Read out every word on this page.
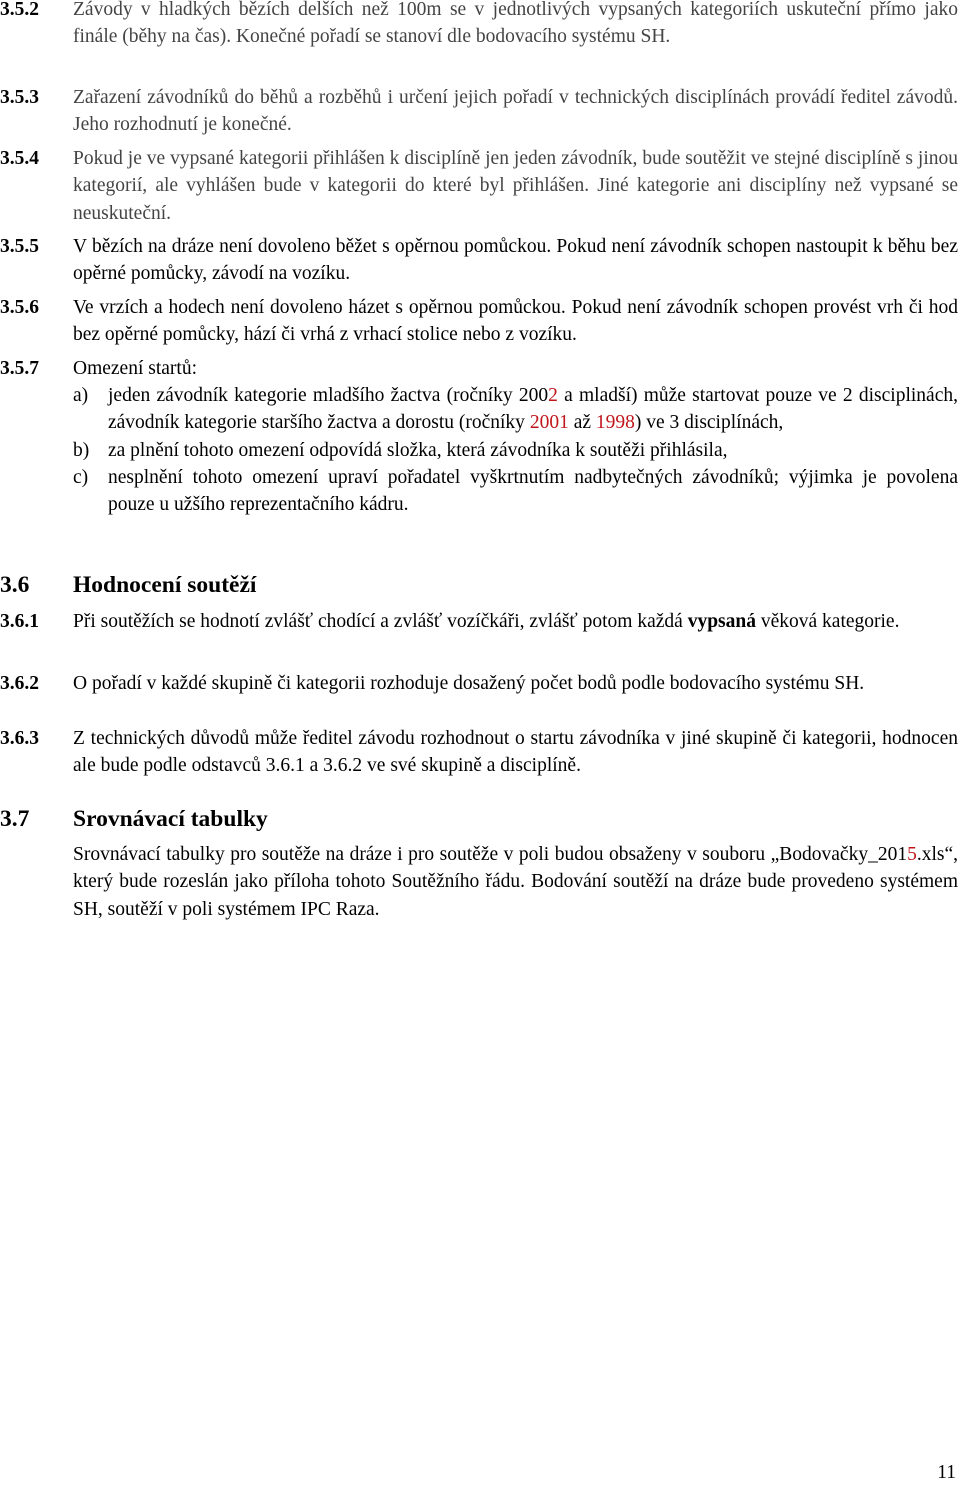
3.5.2 Závody v hladkých bězích delších než 100m se v jednotlivých vypsaných kategoriích uskuteční přímo jako finále (běhy na čas). Konečné pořadí se stanoví dle bodovacího systému SH.
3.5.3 Zařazení závodníků do běhů a rozběhů i určení jejich pořadí v technických disciplínách provádí ředitel závodů. Jeho rozhodnutí je konečné.
3.5.4 Pokud je ve vypsané kategorii přihlášen k disciplíně jen jeden závodník, bude soutěžit ve stejné disciplíně s jinou kategorií, ale vyhlášen bude v kategorii do které byl přihlášen. Jiné kategorie ani disciplíny než vypsané se neuskuteční.
3.5.5 V bězích na dráze není dovoleno běžet s opěrnou pomůckou. Pokud není závodník schopen nastoupit k běhu bez opěrné pomůcky, závodí na vozíku.
3.5.6 Ve vrzích a hodech není dovoleno házet s opěrnou pomůckou. Pokud není závodník schopen provést vrh či hod bez opěrné pomůcky, hází či vrhá z vrhací stolice nebo z vozíku.
3.5.7 Omezení startů:
a) jeden závodník kategorie mladšího žactva (ročníky 2002 a mladší) může startovat pouze ve 2 disciplinách, závodník kategorie staršího žactva a dorostu (ročníky 2001 až 1998) ve 3 disciplínách,
b) za plnění tohoto omezení odpovídá složka, která závodníka k soutěži přihlásila,
c) nesplnění tohoto omezení upraví pořadatel vyškrtnutím nadbytečných závodníků; výjimka je povolena pouze u užšího reprezentačního kádru.
3.6 Hodnocení soutěží
3.6.1 Při soutěžích se hodnotí zvlášť chodící a zvlášť vozíčkáři, zvlášť potom každá vypsaná věková kategorie.
3.6.2 O pořadí v každé skupině či kategorii rozhoduje dosažený počet bodů podle bodovacího systému SH.
3.6.3 Z technických důvodů může ředitel závodu rozhodnout o startu závodníka v jiné skupině či kategorii, hodnocen ale bude podle odstavců 3.6.1 a 3.6.2 ve své skupině a disciplíně.
3.7 Srovnávací tabulky
Srovnávací tabulky pro soutěže na dráze i pro soutěže v poli budou obsaženy v souboru „Bodovačky_2015.xls“, který bude rozeslán jako příloha tohoto Soutěžního řádu. Bodování soutěží na dráze bude provedeno systémem SH, soutěží v poli systémem IPC Raza.
11
